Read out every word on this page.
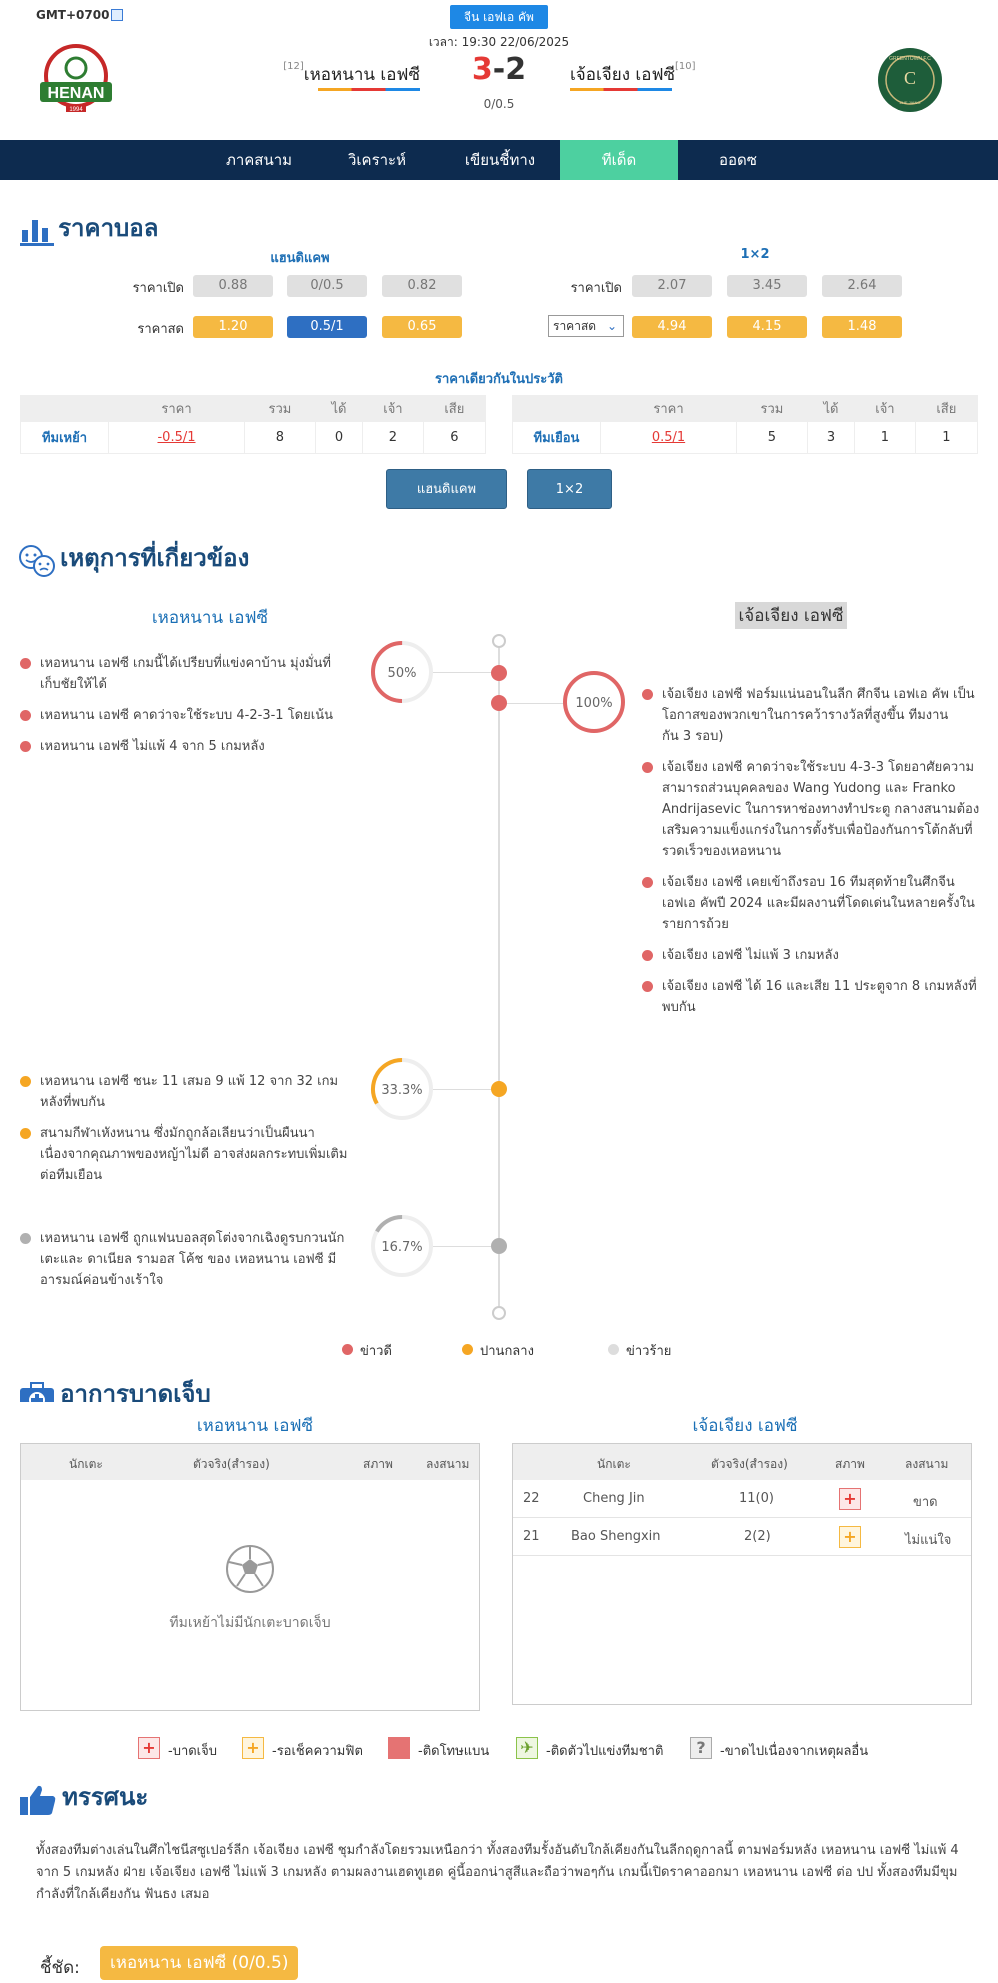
GMT+0700	จีน เอฟเอ คัพ
เวลา: 19:30 22/06/2025
HENAN
1994
C
GREENTOWN F.C
ZHE JIANG
[12]เหอหนาน เอฟซี	3-2
0/0.5
เจ้อเจียง เอฟซี[10]
ภาคสนาม	วิเคราะห์	เขียนชี้ทาง	ทีเด็ด	ออดซ
ราคาบอล
แฮนดิแคพ	1×2
ราคาเปิด	0.88	0/0.5	0.82
ราคาสด	1.20	0.5/1	0.65
ราคาเปิด	2.07	3.45	2.64
ราคาสด ⌄	4.94	4.15	1.48
ราคาเดียวกันในประวัติ
	ราคา	รวม	ได้	เจ้า	เสีย
ทีมเหย้า	-0.5/1	8	0	2	6
	ราคา	รวม	ได้	เจ้า	เสีย
ทีมเยือน	0.5/1	5	3	1	1
แฮนดิแคพ	1×2
เหตุการที่เกี่ยวข้อง
เหอหนาน เอฟซี	เจ้อเจียง เอฟซี
50%
100%
33.3%
16.7%
เหอหนาน เอฟซี เกมนี้ได้เปรียบที่แข่งคาบ้าน มุ่งมั่นที่เก็บชัยให้ได้
เหอหนาน เอฟซี คาดว่าจะใช้ระบบ 4-2-3-1 โดยเน้น
เหอหนาน เอฟซี ไม่แพ้ 4 จาก 5 เกมหลัง
เจ้อเจียง เอฟซี ฟอร์มแน่นอนในลีก ศึกจีน เอฟเอ คัพ เป็นโอกาสของพวกเขาในการคว้ารางวัลที่สูงขึ้น ทีมงาน
กัน 3 รอบ)
เจ้อเจียง เอฟซี คาดว่าจะใช้ระบบ 4-3-3 โดยอาศัยความสามารถส่วนบุคคลของ Wang Yudong และ Franko Andrijasevic ในการหาช่องทางทำประตู กลางสนามต้องเสริมความแข็งแกร่งในการตั้งรับเพื่อป้องกันการโต้กลับที่รวดเร็วของเหอหนาน
เจ้อเจียง เอฟซี เคยเข้าถึงรอบ 16 ทีมสุดท้ายในศึกจีน เอฟเอ คัพปี 2024 และมีผลงานที่โดดเด่นในหลายครั้งในรายการถ้วย
เจ้อเจียง เอฟซี ไม่แพ้ 3 เกมหลัง
เจ้อเจียง เอฟซี ได้ 16 และเสีย 11 ประตูจาก 8 เกมหลังที่พบกัน
เหอหนาน เอฟซี ชนะ 11 เสมอ 9 แพ้ 12 จาก 32 เกมหลังที่พบกัน
สนามกีฬาเหังหนาน ซึ่งมักถูกล้อเลียนว่าเป็นผืนนา เนื่องจากคุณภาพของหญ้าไม่ดี อาจส่งผลกระทบเพิ่มเติมต่อทีมเยือน
เหอหนาน เอฟซี ถูกแฟนบอลสุดโต่งจากเฉิงดูรบกวนนักเตะและ ดาเนียล รามอส โค้ช ของ เหอหนาน เอฟซี มีอารมณ์ค่อนข้างเร้าใจ
ข่าวดี	ปานกลาง	ข่าวร้าย
อาการบาดเจ็บ
เหอหนาน เอฟซี	เจ้อเจียง เอฟซี
นักเตะ	ตัวจริง(สำรอง)	สภาพ	ลงสนาม
ทีมเหย้าไม่มีนักเตะบาดเจ็บ
นักเตะ	ตัวจริง(สำรอง)	สภาพ	ลงสนาม
22	Cheng Jin	11(0)	+	ขาด
21 Bao Shengxin	2(2)	+	ไม่แน่ใจ
+ -บาดเจ็บ + -รอเช็คความฟิต	-ติดโทษแบน ✈ -ติดตัวไปแข่งทีมชาติ	?	-ขาดไปเนื่องจากเหตุผลอื่น
ทรรศนะ
ทั้งสองทีมต่างเล่นในศึกไชนีสซูเปอร์ลีก เจ้อเจียง เอฟซี ชุมกำลังโดยรวมเหนือกว่า ทั้งสองทีมรั้งอันดับใกล้เคียงกันในลีกฤดูกาลนี้ ตามฟอร์มหลัง เหอหนาน เอฟซี ไม่แพ้ 4 จาก 5 เกมหลัง ฝ่าย เจ้อเจียง เอฟซี ไม่แพ้ 3 เกมหลัง ตามผลงานเฮดทูเฮด คู่นี้ออกน่าสูสีและถือว่าพอๆกัน เกมนี้เปิดราคาออกมา เหอหนาน เอฟซี ต่อ ปป ทั้งสองทีมมีขุมกำลังที่ใกล้เคียงกัน ฟันธง เสมอ
ชี้ชัด:	เหอหนาน เอฟซี (0/0.5)
